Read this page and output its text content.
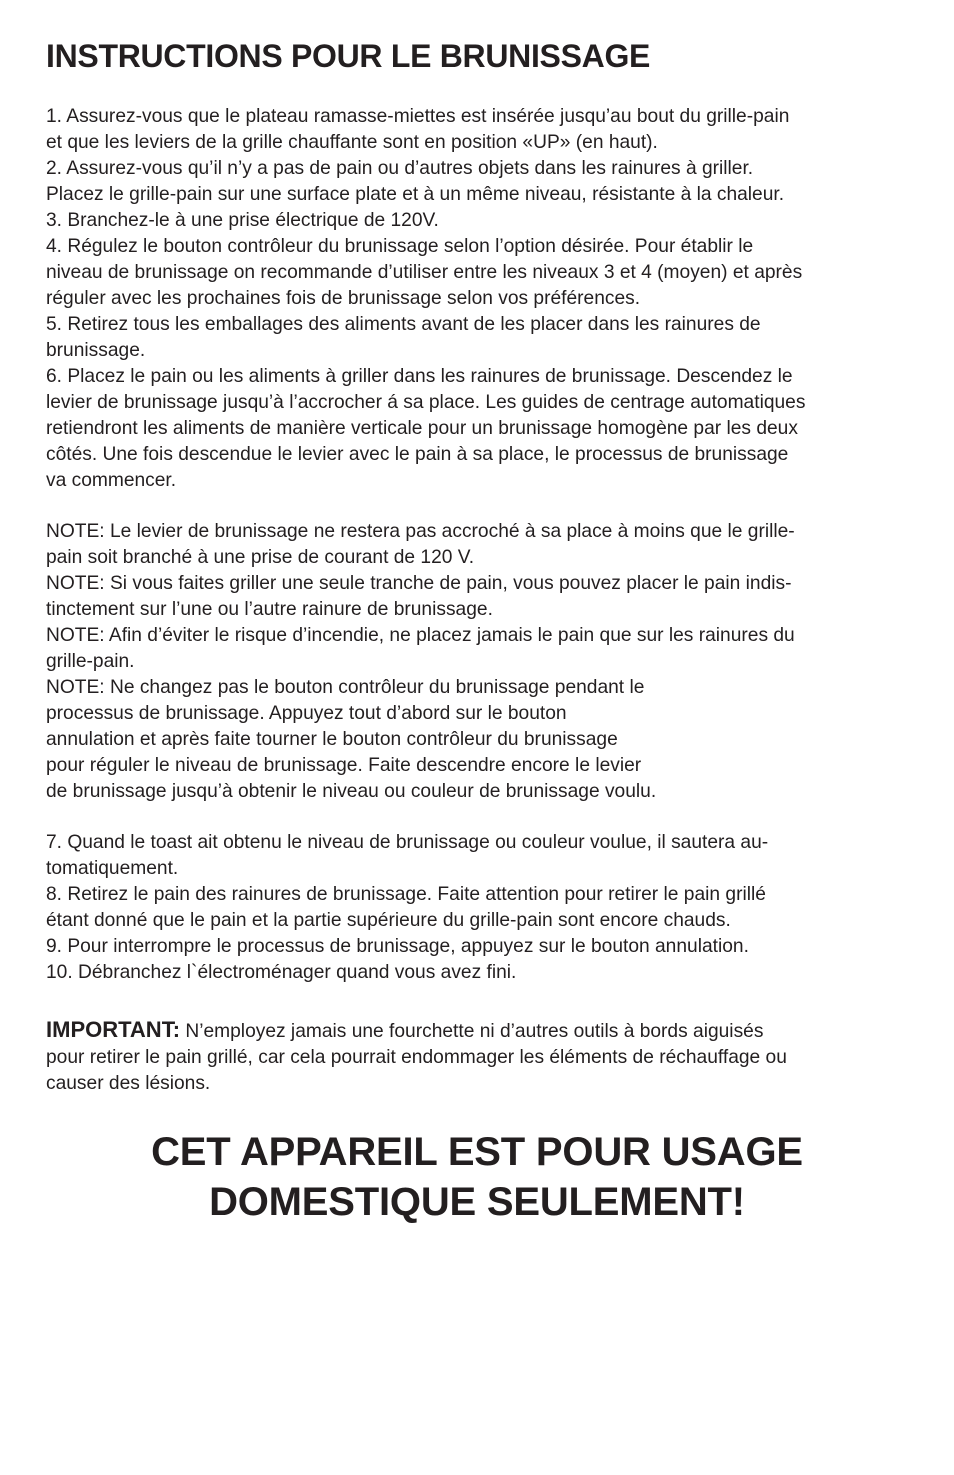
INSTRUCTIONS POUR LE BRUNISSAGE
1. Assurez-vous que le plateau ramasse-miettes est insérée jusqu’au bout du grille-pain
et que les leviers de la grille chauffante sont en position «UP» (en haut).
2. Assurez-vous qu’il n’y a pas de pain ou d’autres objets dans les rainures à griller.
Placez le grille-pain sur une surface plate et à un même niveau, résistante à la chaleur.
3. Branchez-le à une prise électrique de 120V.
4. Régulez le bouton contrôleur du brunissage selon l’option désirée. Pour établir le
niveau de brunissage on recommande d’utiliser entre les niveaux 3 et 4 (moyen) et après
réguler avec les prochaines fois de brunissage selon vos préférences.
5. Retirez tous les emballages des aliments avant de les placer dans les rainures de
brunissage.
6. Placez le pain ou les aliments à griller dans les rainures de brunissage. Descendez le
levier de brunissage jusqu’à l’accrocher á sa place. Les guides de centrage automatiques
retiendront les aliments de manière verticale pour un brunissage homogène par les deux
côtés. Une fois descendue le levier avec le pain à sa place, le processus de brunissage
va commencer.
NOTE: Le levier de brunissage ne restera pas accroché à sa place à moins que le grille-
pain soit branché à une prise de courant de 120 V.
NOTE: Si vous faites griller une seule tranche de pain, vous pouvez placer le pain indis-
tinctement sur l’une ou l’autre rainure de brunissage.
NOTE: Afin d’éviter le risque d’incendie, ne placez jamais le pain que sur les rainures du
grille-pain.
NOTE: Ne changez pas le bouton contrôleur du brunissage pendant le
processus de brunissage. Appuyez tout d’abord sur le bouton
annulation et après faite tourner le bouton contrôleur du brunissage
pour réguler le niveau de brunissage. Faite descendre encore le levier
de brunissage jusqu’à obtenir le niveau ou couleur de brunissage voulu.
7. Quand le toast ait obtenu le niveau de brunissage ou couleur voulue, il sautera au-
tomatiquement.
8. Retirez le pain des rainures de brunissage. Faite attention pour retirer le pain grillé
étant donné que le pain et la partie supérieure du grille-pain sont encore chauds.
9. Pour interrompre le processus de brunissage, appuyez sur le bouton annulation.
10. Débranchez l`électroménager quand vous avez fini.
IMPORTANT: N’employez jamais une fourchette ni d’autres outils à bords aiguisés
pour retirer le pain grillé, car cela pourrait endommager les éléments de réchauffage ou
causer des lésions.
CET APPAREIL EST POUR USAGE
DOMESTIQUE SEULEMENT!
